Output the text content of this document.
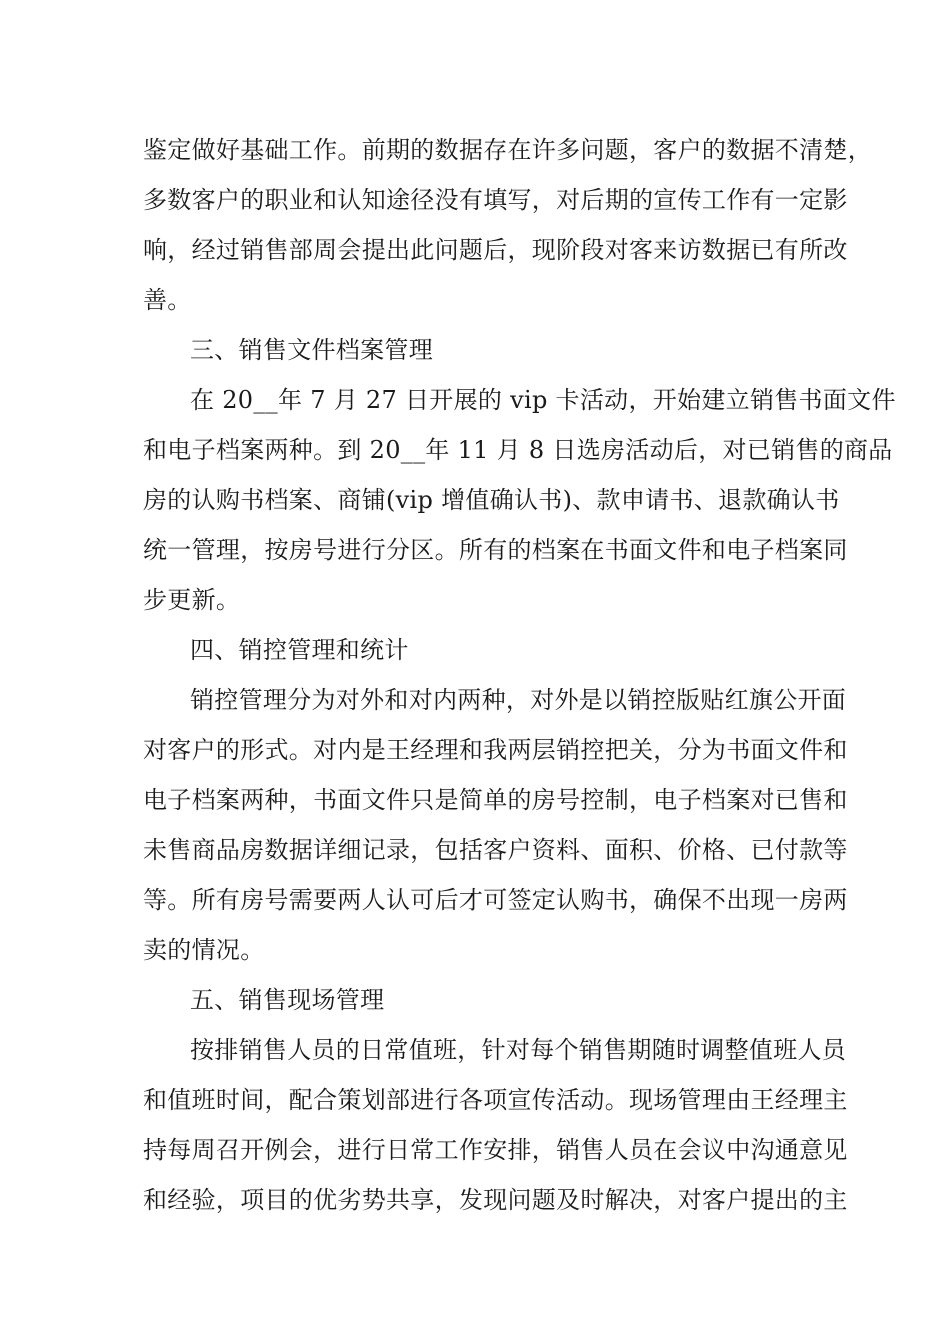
鉴定做好基础工作。前期的数据存在许多问题，客户的数据不清楚，
多数客户的职业和认知途径没有填写，对后期的宣传工作有一定影
响，经过销售部周会提出此问题后，现阶段对客来访数据已有所改
善。
三、销售文件档案管理
在 20__年 7 月 27 日开展的 vip 卡活动，开始建立销售书面文件
和电子档案两种。到 20__年 11 月 8 日选房活动后，对已销售的商品
房的认购书档案、商铺(vip 增值确认书)、款申请书、退款确认书
统一管理，按房号进行分区。所有的档案在书面文件和电子档案同
步更新。
四、销控管理和统计
销控管理分为对外和对内两种，对外是以销控版贴红旗公开面
对客户的形式。对内是王经理和我两层销控把关，分为书面文件和
电子档案两种，书面文件只是简单的房号控制，电子档案对已售和
未售商品房数据详细记录，包括客户资料、面积、价格、已付款等
等。所有房号需要两人认可后才可签定认购书，确保不出现一房两
卖的情况。
五、销售现场管理
按排销售人员的日常值班，针对每个销售期随时调整值班人员
和值班时间，配合策划部进行各项宣传活动。现场管理由王经理主
持每周召开例会，进行日常工作安排，销售人员在会议中沟通意见
和经验，项目的优劣势共享，发现问题及时解决，对客户提出的主
